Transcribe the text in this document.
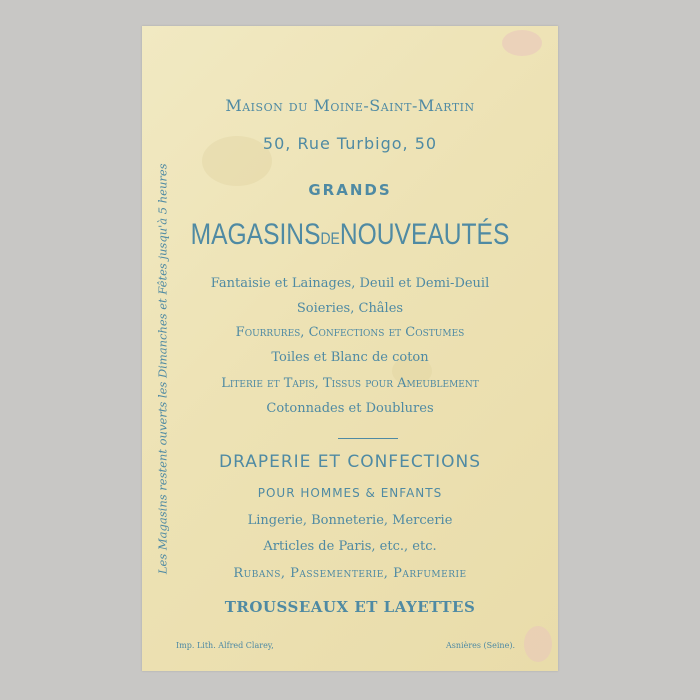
Maison du Moine-Saint-Martin
50, Rue Turbigo, 50
GRANDS
MAGASINSDENOUVEAUTÉS
Fantaisie et Lainages, Deuil et Demi-Deuil
Soieries, Châles
Fourrures, Confections et Costumes
Toiles et Blanc de coton
Literie et Tapis, Tissus pour Ameublement
Cotonnades et Doublures
DRAPERIE ET CONFECTIONS
POUR HOMMES & ENFANTS
Lingerie, Bonneterie, Mercerie
Articles de Paris, etc., etc.
Rubans, Passementerie, Parfumerie
TROUSSEAUX ET LAYETTES
Imp. Lith. Alfred Clarey,	Asnières (Seine).
Les Magasins restent ouverts les Dimanches et Fêtes jusqu'à 5 heures
